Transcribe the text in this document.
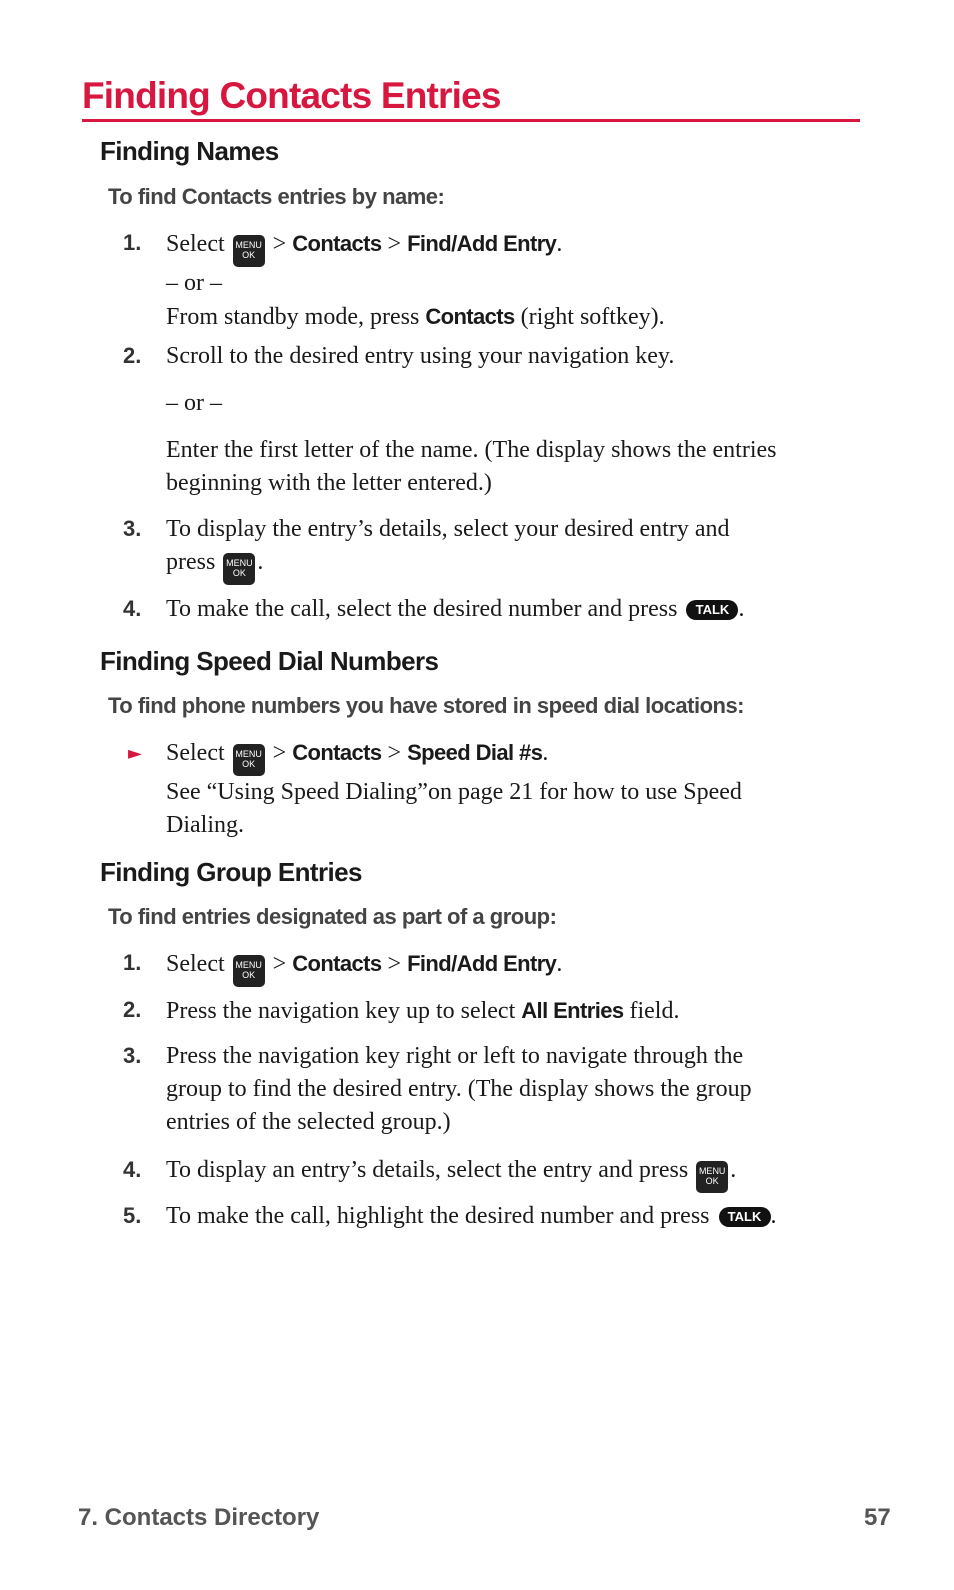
Finding Contacts Entries
Finding Names
To find Contacts entries by name:
1. Select MENU
OK > Contacts > Find/Add Entry.
– or –
From standby mode, press Contacts (right softkey).
2. Scroll to the desired entry using your navigation key.
– or –
Enter the first letter of the name. (The display shows the entries
beginning with the letter entered.)
3. To display the entry’s details, select your desired entry and
press MENU
OK .
4. To make the call, select the desired number and press TALK .
Finding Speed Dial Numbers
To find phone numbers you have stored in speed dial locations:
► Select MENU
OK > Contacts > Speed Dial #s.
See “Using Speed Dialing”on page 21 for how to use Speed
Dialing.
Finding Group Entries
To find entries designated as part of a group:
1. Select MENU
OK > Contacts > Find/Add Entry.
2. Press the navigation key up to select All Entries field.
3. Press the navigation key right or left to navigate through the
group to find the desired entry. (The display shows the group
entries of the selected group.)
4. To display an entry’s details, select the entry and press MENU
OK .
5. To make the call, highlight the desired number and press TALK .
7. Contacts Directory	57
